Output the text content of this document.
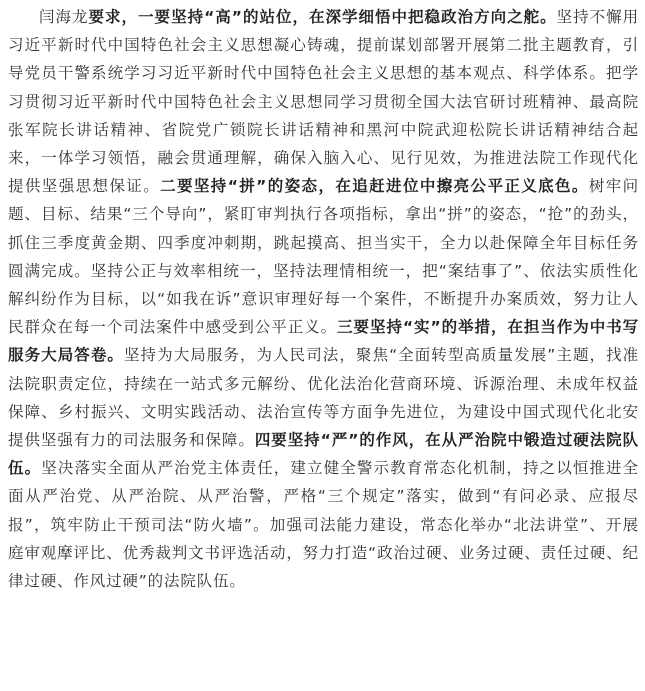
闫海龙要求，一要坚持“高”的站位，在深学细悟中把稳政治方向之舵。坚持不懈用习近平新时代中国特色社会主义思想凝心铸魂，提前谋划部署开展第二批主题教育，引导党员干警系统学习习近平新时代中国特色社会主义思想的基本观点、科学体系。把学习贯彻习近平新时代中国特色社会主义思想同学习贯彻全国大法官研讨班精神、最高院张军院长讲话精神、省院党广锁院长讲话精神和黑河中院武迎松院长讲话精神结合起来，一体学习领悟，融会贯通理解，确保入脑入心、见行见效，为推进法院工作现代化提供坚强思想保证。二要坚持“拼”的姿态，在追赶进位中擦亮公平正义底色。树牢问题、目标、结果“三个导向”，紧盯审判执行各项指标，拿出“拼”的姿态，“抢”的劲头，抓住三季度黄金期、四季度冲刺期，跳起摸高、担当实干，全力以赴保障全年目标任务圆满完成。坚持公正与效率相统一，坚持法理情相统一，把“案结事了”、依法实质性化解纠纷作为目标，以“如我在诉”意识审理好每一个案件，不断提升办案质效，努力让人民群众在每一个司法案件中感受到公平正义。三要坚持“实”的举措，在担当作为中书写服务大局答卷。坚持为大局服务，为人民司法，聚焦“全面转型高质量发展”主题，找准法院职责定位，持续在一站式多元解纷、优化法治化营商环境、诉源治理、未成年权益保障、乡村振兴、文明实践活动、法治宣传等方面争先进位，为建设中国式现代化北安提供坚强有力的司法服务和保障。四要坚持“严”的作风，在从严治院中锻造过硬法院队伍。坚决落实全面从严治党主体责任，建立健全警示教育常态化机制，持之以恒推进全面从严治党、从严治院、从严治警，严格“三个规定”落实，做到“有问必录、应报尽报”，筑牢防止干预司法“防火墙”。加强司法能力建设，常态化举办“北法讲堂”、开展庭审观摩评比、优秀裁判文书评选活动，努力打造“政治过硬、业务过硬、责任过硬、纪律过硬、作风过硬”的法院队伍。
